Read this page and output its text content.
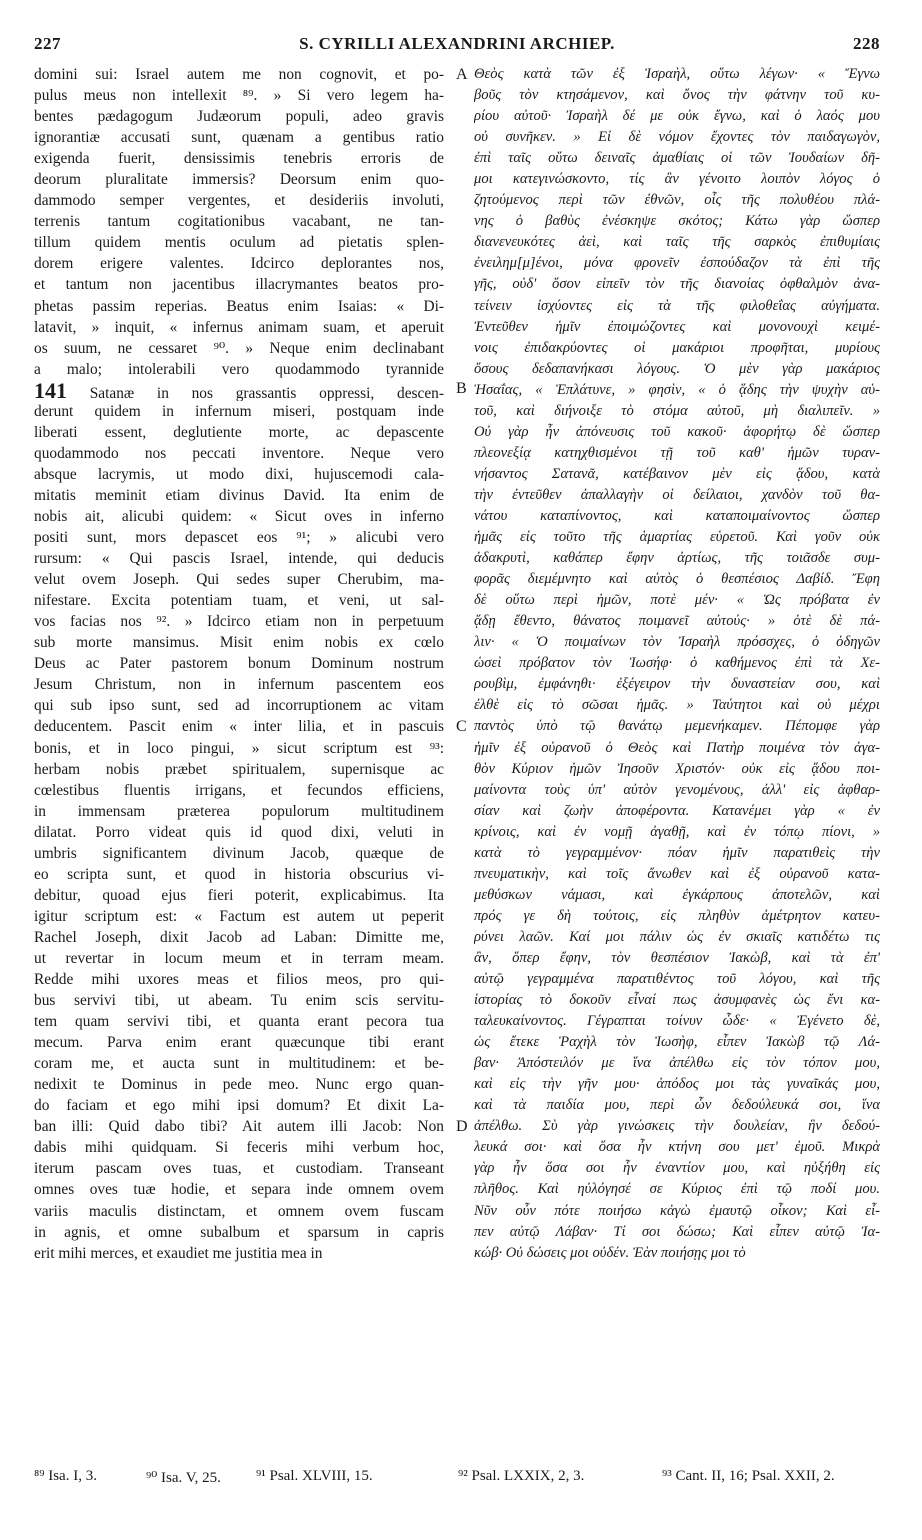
227	S. CYRILLI ALEXANDRINI ARCHIEP.	228
domini sui: Israel autem me non cognovit, et po-
pulus meus non intellexit ⁸⁹. » Si vero legem ha-
bentes pædagogum Judæorum populi, adeo gravis
ignorantiæ accusati sunt, quænam a gentibus ratio
exigenda fuerit, densissimis tenebris erroris de
deorum pluralitate immersis? Deorsum enim quo-
dammodo semper vergentes, et desideriis involuti,
terrenis tantum cogitationibus vacabant, ne tan-
tillum quidem mentis oculum ad pietatis splen-
dorem erigere valentes. Idcirco deplorantes nos,
et tantum non jacentibus illacrymantes beatos pro-
phetas passim reperias. Beatus enim Isaias: « Di-
latavit, » inquit, « infernus animam suam, et aperuit
os suum, ne cessaret ⁹⁰. » Neque enim declinabant
a malo; intolerabili vero quodammodo tyrannide
141 Satanæ in nos grassantis oppressi, descen-
derunt quidem in infernum miseri, postquam inde
liberati essent, deglutiente morte, ac depascente
quodammodo nos peccati inventore. Neque vero
absque lacrymis, ut modo dixi, hujuscemodi cala-
mitatis meminit etiam divinus David. Ita enim de
nobis ait, alicubi quidem: « Sicut oves in inferno
positi sunt, mors depascet eos ⁹¹; » alicubi vero
rursum: « Qui pascis Israel, intende, qui deducis
velut ovem Joseph. Qui sedes super Cherubim, ma-
nifestare. Excita potentiam tuam, et veni, ut sal-
vos facias nos ⁹². » Idcirco etiam non in perpetuum
sub morte mansimus. Misit enim nobis ex cœlo
Deus ac Pater pastorem bonum Dominum nostrum
Jesum Christum, non in infernum pascentem eos
qui sub ipso sunt, sed ad incorruptionem ac vitam
deducentem. Pascit enim « inter lilia, et in pascuis
bonis, et in loco pingui, » sicut scriptum est ⁹³:
herbam nobis præbet spiritualem, supernisque ac
cœlestibus fluentis irrigans, et fecundos efficiens,
in immensam præterea populorum multitudinem
dilatat. Porro videat quis id quod dixi, veluti in
umbris significantem divinum Jacob, quæque de
eo scripta sunt, et quod in historia obscurius vi-
debitur, quoad ejus fieri poterit, explicabimus. Ita
igitur scriptum est: « Factum est autem ut peperit
Rachel Joseph, dixit Jacob ad Laban: Dimitte me,
ut revertar in locum meum et in terram meam.
Redde mihi uxores meas et filios meos, pro qui-
bus servivi tibi, ut abeam. Tu enim scis servitu-
tem quam servivi tibi, et quanta erant pecora tua
mecum. Parva enim erant quæcunque tibi erant
coram me, et aucta sunt in multitudinem: et be-
nedixit te Dominus in pede meo. Nunc ergo quan-
do faciam et ego mihi ipsi domum? Et dixit La-
ban illi: Quid dabo tibi? Ait autem illi Jacob: Non
dabis mihi quidquam. Si feceris mihi verbum hoc,
iterum pascam oves tuas, et custodiam. Transeant
omnes oves tuæ hodie, et separa inde omnem ovem
variis maculis distinctam, et omnem ovem fuscam
in agnis, et omne subalbum et sparsum in capris
erit mihi merces, et exaudiet me justitia mea in
Θεὸς κατὰ τῶν ἐξ Ἰσραὴλ, οὕτω λέγων· « Ἔγνω
βοῦς τὸν κτησάμενον, καὶ ὄνος τὴν φάτνην τοῦ κυ-
ρίου αὐτοῦ· Ἰσραὴλ δέ με οὐκ ἔγνω, καὶ ὁ λαός μου
οὐ συνῆκεν. » Εἰ δὲ νόμον ἔχοντες τὸν παιδαγωγὸν,
ἐπὶ ταῖς οὕτω δειναῖς ἀμαθίαις οἱ τῶν Ἰουδαίων δῆ-
μοι κατεγινώσκοντο, τίς ἂν γένοιτο λοιπὸν λόγος ὁ
ζητούμενος περὶ τῶν ἐθνῶν, οἷς τῆς πολυθέου πλά-
νης ὁ βαθὺς ἐνέσκηψε σκότος; Κάτω γὰρ ὥσπερ
διανενευκότες ἀεὶ, καὶ ταῖς τῆς σαρκὸς ἐπιθυμίαις
ἐνειλημ[μ]ένοι, μόνα φρονεῖν ἐσπούδαζον τὰ ἐπὶ τῆς
γῆς, οὐδ' ὅσον εἰπεῖν τὸν τῆς διανοίας ὀφθαλμὸν ἀνα-
τείνειν ἰσχύοντες εἰς τὰ τῆς φιλοθεΐας αὐγήματα.
Ἐντεῦθεν ἡμῖν ἐποιμώζοντες καὶ μονονουχὶ κειμέ-
νοις ἐπιδακρύοντες οἱ μακάριοι προφῆται, μυρίους
ὅσους δεδαπανήκασι λόγους. Ὁ μὲν γὰρ μακάριος
Ἡσαΐας, « Ἐπλάτυνε, » φησὶν, « ὁ ᾅδης τὴν ψυχὴν αὑ-
τοῦ, καὶ διήνοιξε τὸ στόμα αὐτοῦ, μὴ διαλιπεῖν. »
Οὐ γὰρ ἦν ἀπόνευσις τοῦ κακοῦ· ἀφορήτῳ δὲ ὥσπερ
πλεονεξίᾳ κατηχθισμένοι τῇ τοῦ καθ' ἡμῶν τυραν-
νήσαντος Σατανᾶ, κατέβαινον μὲν εἰς ᾅδου, κατὰ
τὴν ἐντεῦθεν ἀπαλλαγὴν οἱ δείλαιοι, χανδὸν τοῦ θα-
νάτου καταπίνοντος, καὶ καταποιμαίνοντος ὥσπερ
ἡμᾶς εἰς τοῦτο τῆς ἁμαρτίας εὑρετοῦ. Καὶ γοῦν οὐκ
ἀδακρυτὶ, καθάπερ ἔφην ἀρτίως, τῆς τοιᾶσδε συμ-
φορᾶς διεμέμνητο καὶ αὐτὸς ὁ θεσπέσιος Δαβίδ. Ἔφη
δὲ οὕτω περὶ ἡμῶν, ποτὲ μέν· « Ὡς πρόβατα ἐν
ᾅδῃ ἔθεντο, θάνατος ποιμανεῖ αὐτούς· » ὁτὲ δὲ πά-
λιν· « Ὁ ποιμαίνων τὸν Ἰσραὴλ πρόσσχες, ὁ ὁδηγῶν
ὡσεὶ πρόβατον τὸν Ἰωσήφ· ὁ καθήμενος ἐπὶ τὰ Χε-
ρουβὶμ, ἐμφάνηθι· ἐξέγειρον τὴν δυναστείαν σου, καὶ
ἐλθὲ εἰς τὸ σῶσαι ἡμᾶς. » Ταύτητοι καὶ οὐ μέχρι
παντὸς ὑπὸ τῷ θανάτῳ μεμενήκαμεν. Πέπομφε γὰρ
ἡμῖν ἐξ οὐρανοῦ ὁ Θεὸς καὶ Πατὴρ ποιμένα τὸν ἀγα-
θὸν Κύριον ἡμῶν Ἰησοῦν Χριστόν· οὐκ εἰς ᾅδου ποι-
μαίνοντα τοὺς ὑπ' αὐτὸν γενομένους, ἀλλ' εἰς ἀφθαρ-
σίαν καὶ ζωὴν ἀποφέροντα. Κατανέμει γὰρ « ἐν
κρίνοις, καὶ ἐν νομῇ ἀγαθῇ, καὶ ἐν τόπῳ πίονι, »
κατὰ τὸ γεγραμμένον· πόαν ἡμῖν παρατιθεὶς τὴν
πνευματικὴν, καὶ τοῖς ἄνωθεν καὶ ἐξ οὐρανοῦ κατα-
μεθύσκων νάμασι, καὶ ἐγκάρπους ἀποτελῶν, καὶ
πρός γε δὴ τούτοις, εἰς πληθὺν ἀμέτρητον κατευ-
ρύνει λαῶν. Καί μοι πάλιν ὡς ἐν σκιαῖς κατιδέτω τις
ἂν, ὅπερ ἔφην, τὸν θεσπέσιον Ἰακὼβ, καὶ τὰ ἐπ'
αὐτῷ γεγραμμένα παρατιθέντος τοῦ λόγου, καὶ τῆς
ἱστορίας τὸ δοκοῦν εἶναί πως ἀσυμφανὲς ὡς ἔνι κα-
ταλευκαίνοντος. Γέγραπται τοίνυν ὧδε· « Ἐγένετο δὲ,
ὡς ἔτεκε Ῥαχὴλ τὸν Ἰωσὴφ, εἶπεν Ἰακὼβ τῷ Λά-
βαν· Ἀπόστειλόν με ἵνα ἀπέλθω εἰς τὸν τόπον μου,
καὶ εἰς τὴν γῆν μου· ἀπόδος μοι τὰς γυναῖκάς μου,
καὶ τὰ παιδία μου, περὶ ὧν δεδούλευκά σοι, ἵνα
ἀπέλθω. Σὺ γὰρ γινώσκεις τὴν δουλείαν, ἣν δεδού-
λευκά σοι· καὶ ὅσα ἦν κτήνη σου μετ' ἐμοῦ. Μικρὰ
γὰρ ἦν ὅσα σοι ἦν ἐναντίον μου, καὶ ηὐξήθη εἰς
πλῆθος. Καὶ ηὐλόγησέ σε Κύριος ἐπὶ τῷ ποδί μου.
Νῦν οὖν πότε ποιήσω κἀγὼ ἐμαυτῷ οἶκον; Καὶ εἶ-
πεν αὐτῷ Λάβαν· Τί σοι δώσω; Καὶ εἶπεν αὐτῷ Ἰα-
κώβ· Οὐ δώσεις μοι οὐδέν. Ἐὰν ποιήσῃς μοι τὸ
A
B
C
D
⁸⁹ Isa. I, 3.	⁹⁰ Isa. V, 25. ⁹¹ Psal. XLVIII, 15.	⁹² Psal. LXXIX, 2, 3.	⁹³ Cant. II, 16; Psal. XXII, 2.
